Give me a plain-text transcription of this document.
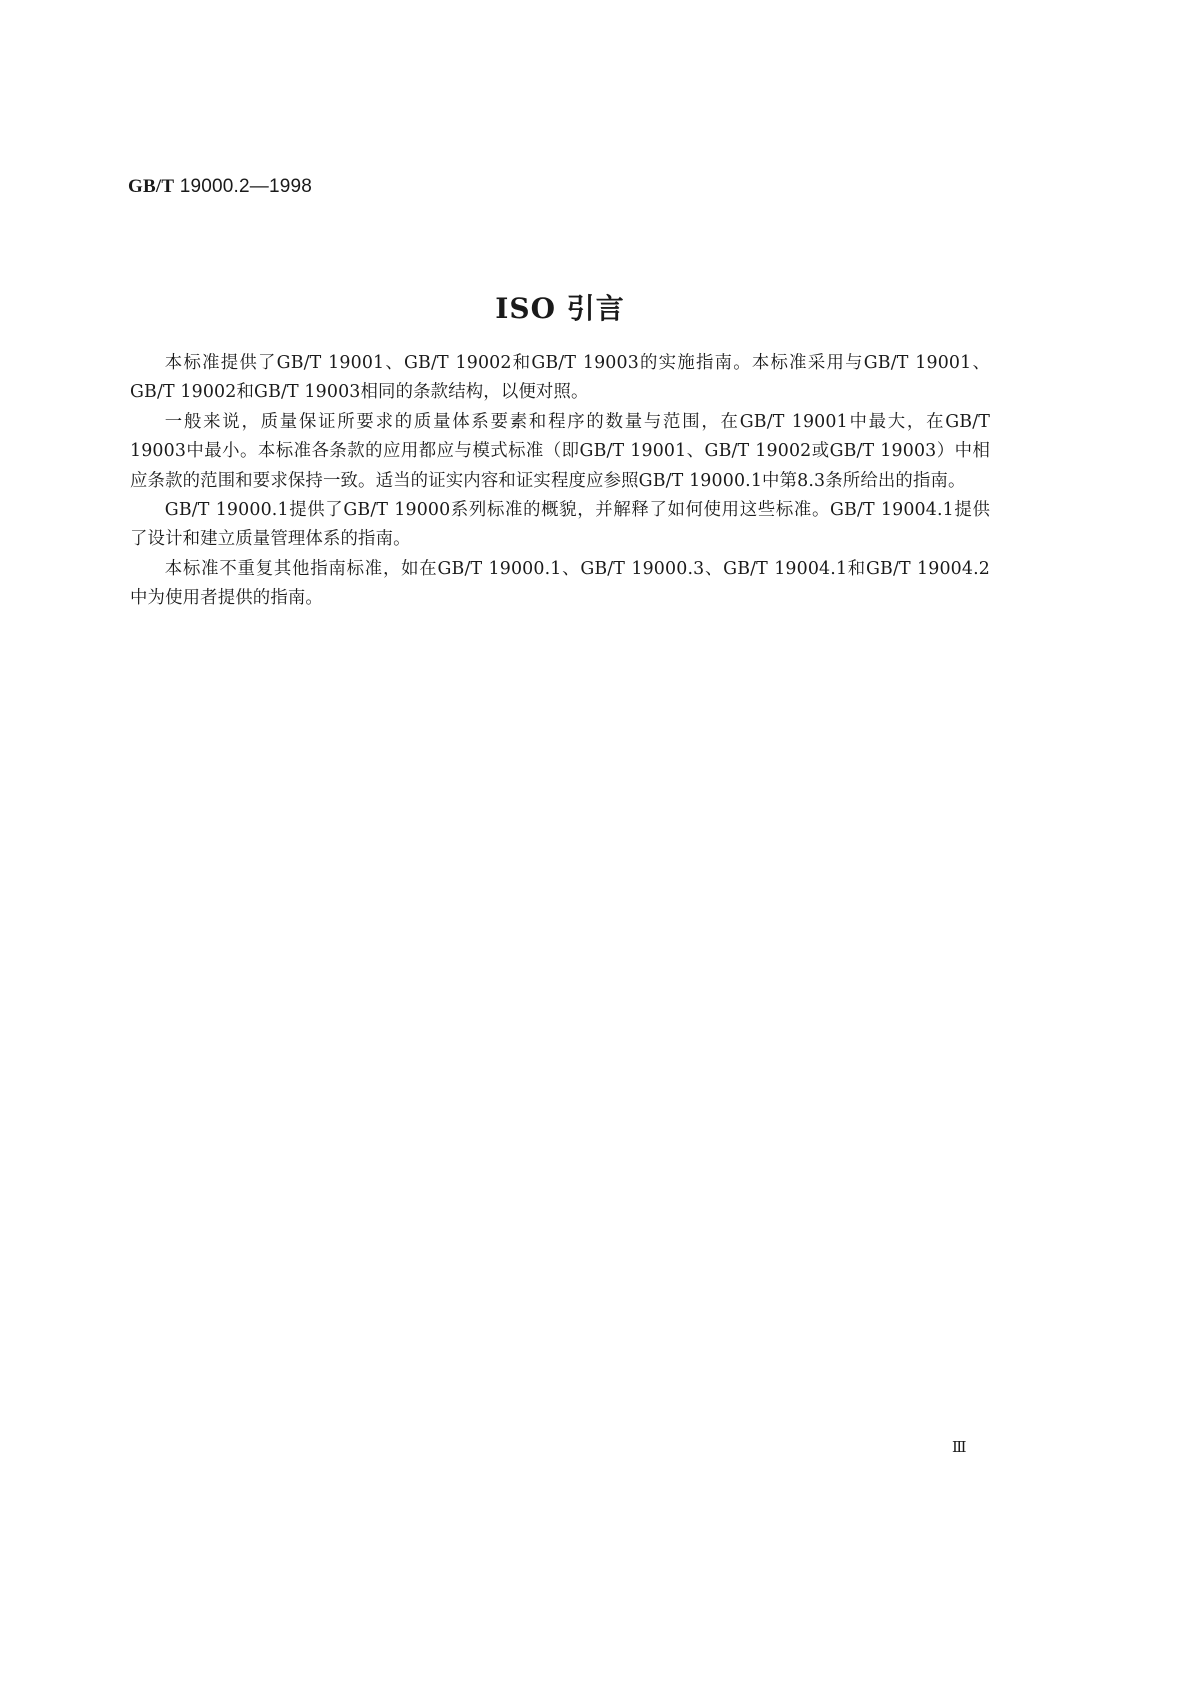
GB/T 19000.2—1998
ISO 引言

本标准提供了GB/T 19001、GB/T 19002和GB/T 19003的实施指南。本标准采用与GB/T 19001、GB/T 19002和GB/T 19003相同的条款结构，以便对照。

一般来说，质量保证所要求的质量体系要素和程序的数量与范围，在GB/T 19001中最大，在GB/T 19003中最小。本标准各条款的应用都应与模式标准（即GB/T 19001、GB/T 19002或GB/T 19003）中相应条款的范围和要求保持一致。适当的证实内容和证实程度应参照GB/T 19000.1中第8.3条所给出的指南。

GB/T 19000.1提供了GB/T 19000系列标准的概貌，并解释了如何使用这些标准。GB/T 19004.1提供了设计和建立质量管理体系的指南。

本标准不重复其他指南标准，如在GB/T 19000.1、GB/T 19000.3、GB/T 19004.1和GB/T 19004.2中为使用者提供的指南。

Ⅲ
